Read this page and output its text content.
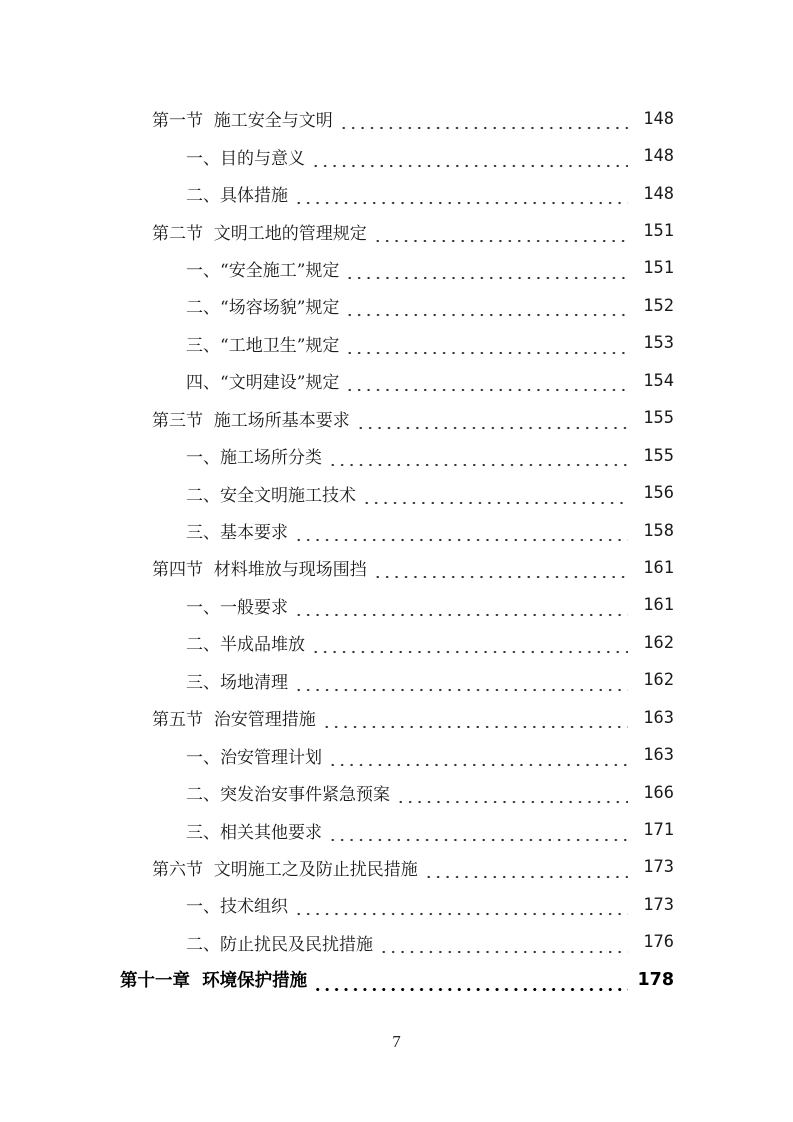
第一节  施工安全与文明	148
一、目的与意义	148
二、具体措施	148
第二节  文明工地的管理规定	151
一、“安全施工”规定	151
二、“场容场貌”规定	152
三、“工地卫生”规定	153
四、“文明建设”规定	154
第三节  施工场所基本要求	155
一、施工场所分类	155
二、安全文明施工技术	156
三、基本要求	158
第四节  材料堆放与现场围挡	161
一、一般要求	161
二、半成品堆放	162
三、场地清理	162
第五节  治安管理措施	163
一、治安管理计划	163
二、突发治安事件紧急预案	166
三、相关其他要求	171
第六节  文明施工之及防止扰民措施	173
一、技术组织	173
二、防止扰民及民扰措施	176
第十一章  环境保护措施	178
7
